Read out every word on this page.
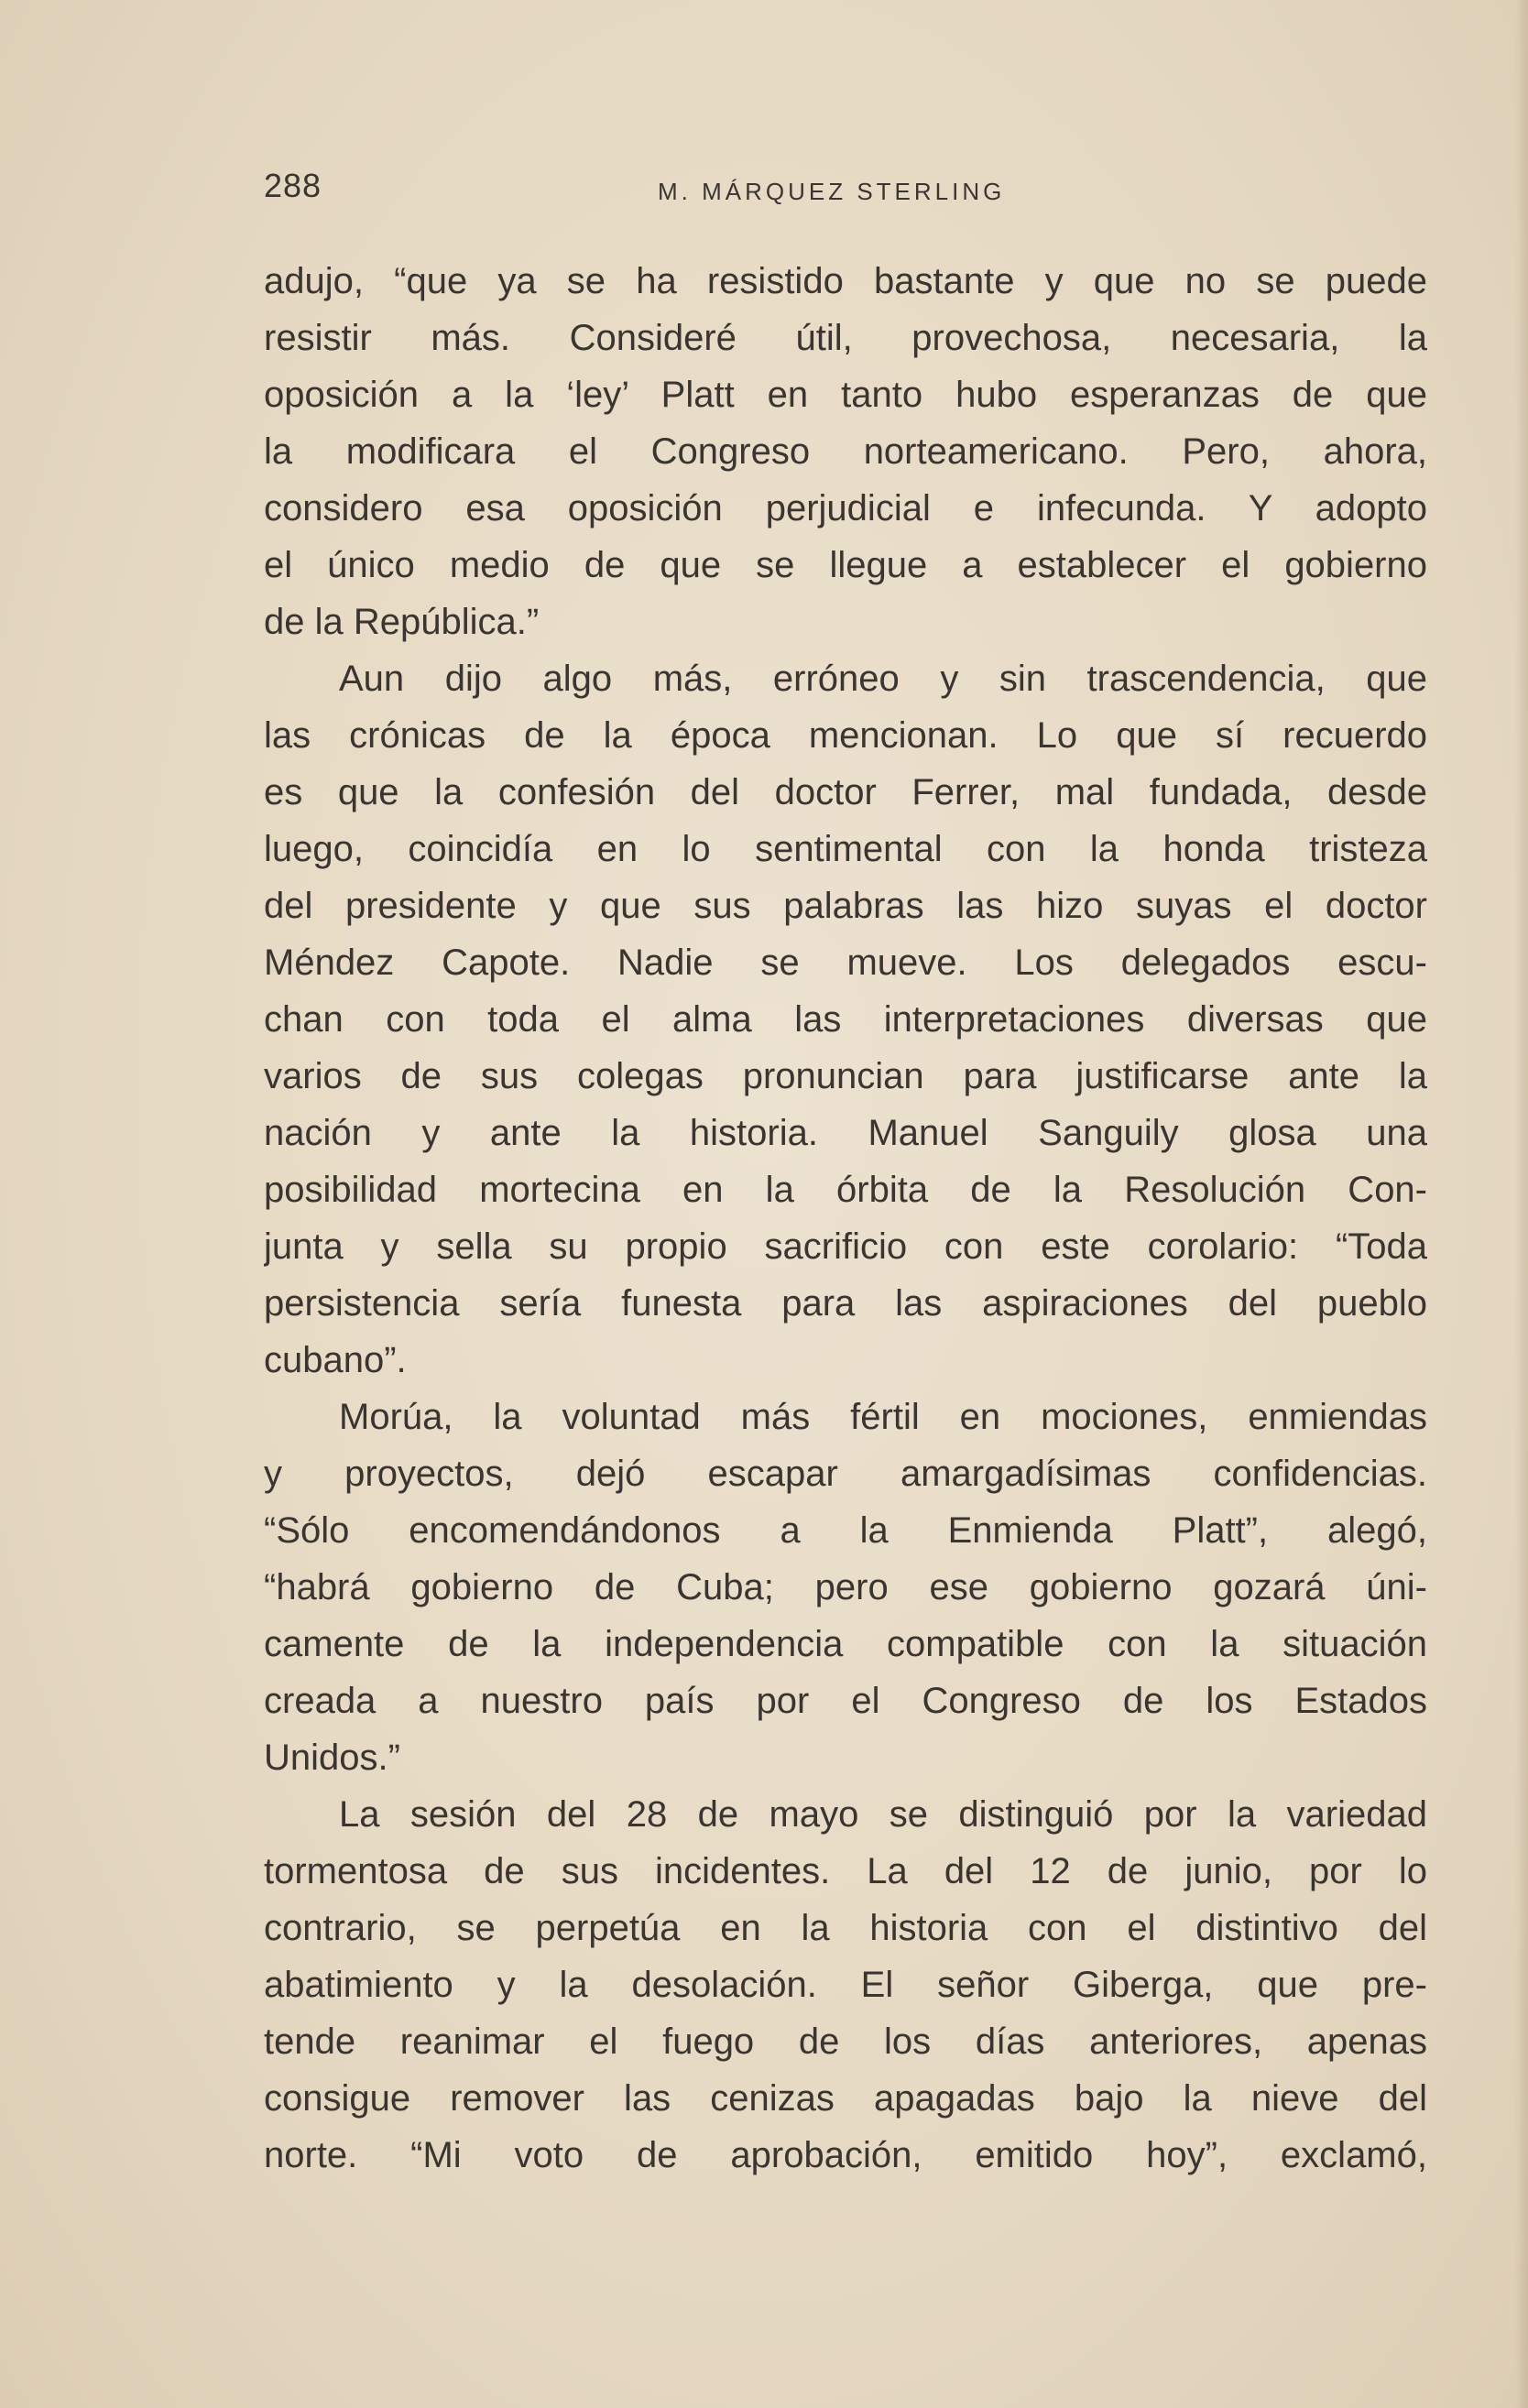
288	M. MÁRQUEZ STERLING
adujo, “que ya se ha resistido bastante y que no se puede
resistir más. Consideré útil, provechosa, necesaria, la
oposición a la ‘ley’ Platt en tanto hubo esperanzas de que
la modificara el Congreso norteamericano. Pero, ahora,
considero esa oposición perjudicial e infecunda. Y adopto
el único medio de que se llegue a establecer el gobierno
de la República.”
Aun dijo algo más, erróneo y sin trascendencia, que
las crónicas de la época mencionan. Lo que sí recuerdo
es que la confesión del doctor Ferrer, mal fundada, desde
luego, coincidía en lo sentimental con la honda tristeza
del presidente y que sus palabras las hizo suyas el doctor
Méndez Capote. Nadie se mueve. Los delegados escu-
chan con toda el alma las interpretaciones diversas que
varios de sus colegas pronuncian para justificarse ante la
nación y ante la historia. Manuel Sanguily glosa una
posibilidad mortecina en la órbita de la Resolución Con-
junta y sella su propio sacrificio con este corolario: “Toda
persistencia sería funesta para las aspiraciones del pueblo
cubano”.
Morúa, la voluntad más fértil en mociones, enmiendas
y proyectos, dejó escapar amargadísimas confidencias.
“Sólo encomendándonos a la Enmienda Platt”, alegó,
“habrá gobierno de Cuba; pero ese gobierno gozará úni-
camente de la independencia compatible con la situación
creada a nuestro país por el Congreso de los Estados
Unidos.”
La sesión del 28 de mayo se distinguió por la variedad
tormentosa de sus incidentes. La del 12 de junio, por lo
contrario, se perpetúa en la historia con el distintivo del
abatimiento y la desolación. El señor Giberga, que pre-
tende reanimar el fuego de los días anteriores, apenas
consigue remover las cenizas apagadas bajo la nieve del
norte. “Mi voto de aprobación, emitido hoy”, exclamó,
